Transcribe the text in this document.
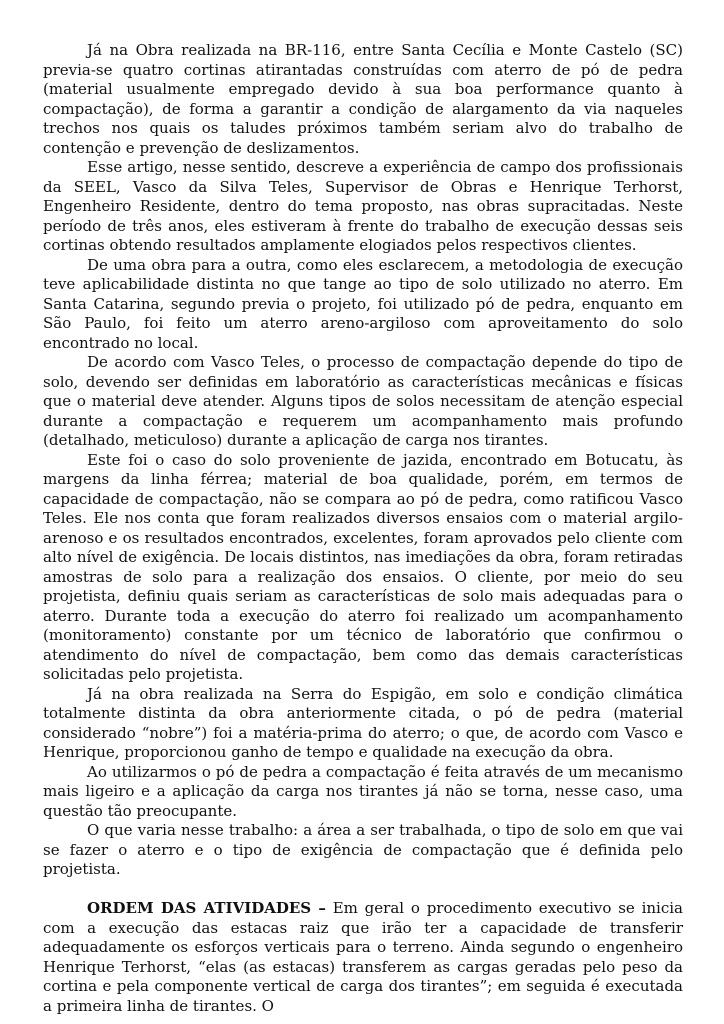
Já na Obra realizada na BR-116, entre Santa Cecília e Monte Castelo (SC) previa-se quatro cortinas atirantadas construídas com aterro de pó de pedra (material usualmente empregado devido à sua boa performance quanto à compactação), de forma a garantir a condição de alargamento da via naqueles trechos nos quais os taludes próximos também seriam alvo do trabalho de contenção e prevenção de deslizamentos.

Esse artigo, nesse sentido, descreve a experiência de campo dos profissionais da SEEL, Vasco da Silva Teles, Supervisor de Obras e Henrique Terhorst, Engenheiro Residente, dentro do tema proposto, nas obras supracitadas. Neste período de três anos, eles estiveram à frente do trabalho de execução dessas seis cortinas obtendo resultados amplamente elogiados pelos respectivos clientes.

De uma obra para a outra, como eles esclarecem, a metodologia de execução teve aplicabilidade distinta no que tange ao tipo de solo utilizado no aterro. Em Santa Catarina, segundo previa o projeto, foi utilizado pó de pedra, enquanto em São Paulo, foi feito um aterro areno-argiloso com aproveitamento do solo encontrado no local.

De acordo com Vasco Teles, o processo de compactação depende do tipo de solo, devendo ser definidas em laboratório as características mecânicas e físicas que o material deve atender. Alguns tipos de solos necessitam de atenção especial durante a compactação e requerem um acompanhamento mais profundo (detalhado, meticuloso) durante a aplicação de carga nos tirantes.

Este foi o caso do solo proveniente de jazida, encontrado em Botucatu, às margens da linha férrea; material de boa qualidade, porém, em termos de capacidade de compactação, não se compara ao pó de pedra, como ratificou Vasco Teles. Ele nos conta que foram realizados diversos ensaios com o material argilo-arenoso e os resultados encontrados, excelentes, foram aprovados pelo cliente com alto nível de exigência. De locais distintos, nas imediações da obra, foram retiradas amostras de solo para a realização dos ensaios. O cliente, por meio do seu projetista, definiu quais seriam as características de solo mais adequadas para o aterro. Durante toda a execução do aterro foi realizado um acompanhamento (monitoramento) constante por um técnico de laboratório que confirmou o atendimento do nível de compactação, bem como das demais características solicitadas pelo projetista.

Já na obra realizada na Serra do Espigão, em solo e condição climática totalmente distinta da obra anteriormente citada, o pó de pedra (material considerado “nobre”) foi a matéria-prima do aterro; o que, de acordo com Vasco e Henrique, proporcionou ganho de tempo e qualidade na execução da obra.

Ao utilizarmos o pó de pedra a compactação é feita através de um mecanismo mais ligeiro e a aplicação da carga nos tirantes já não se torna, nesse caso, uma questão tão preocupante.

O que varia nesse trabalho: a área a ser trabalhada, o tipo de solo em que vai se fazer o aterro e o tipo de exigência de compactação que é definida pelo projetista.

ORDEM DAS ATIVIDADES – Em geral o procedimento executivo se inicia com a execução das estacas raiz que irão ter a capacidade de transferir adequadamente os esforços verticais para o terreno. Ainda segundo o engenheiro Henrique Terhorst, “elas (as estacas) transferem as cargas geradas pelo peso da cortina e pela componente vertical de carga dos tirantes”; em seguida é executada a primeira linha de tirantes. O
